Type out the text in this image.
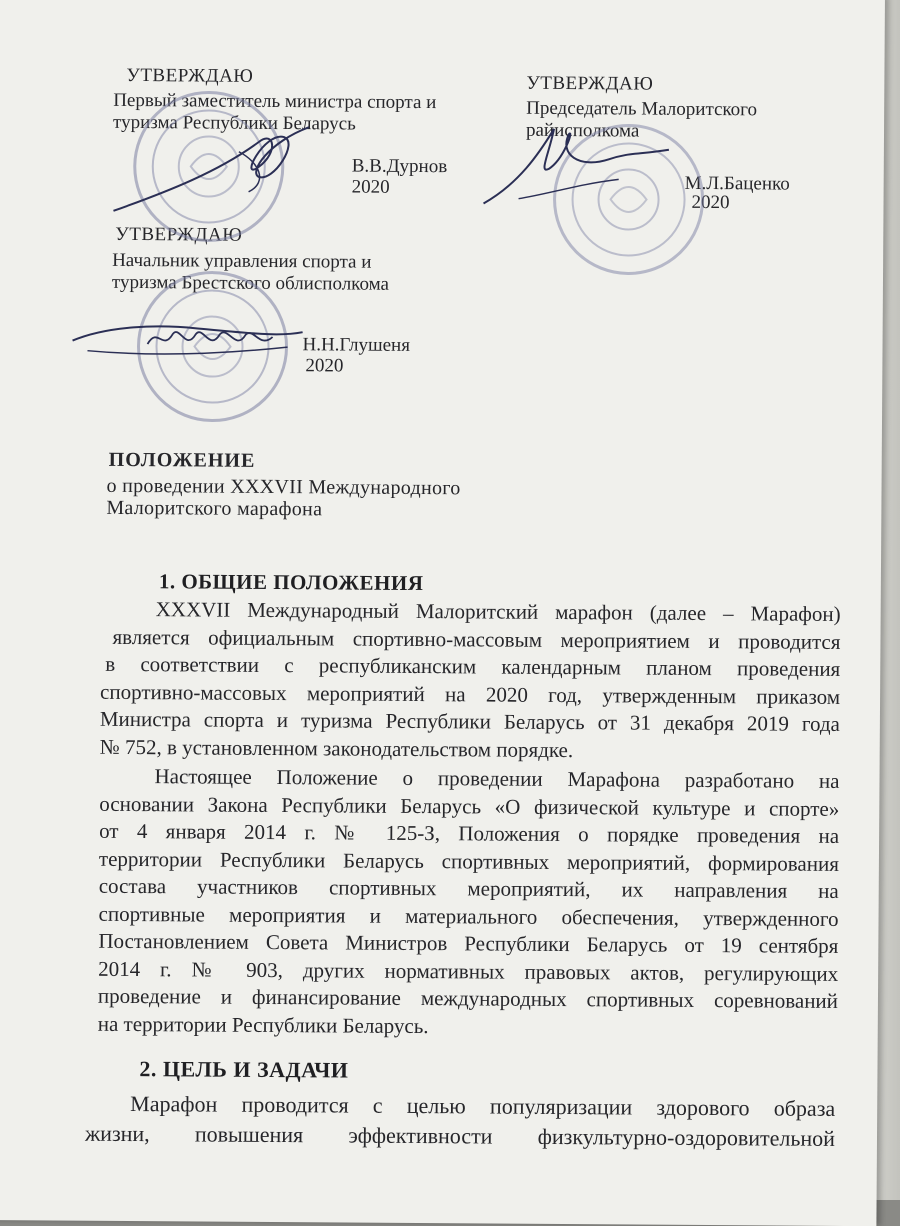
УТВЕРЖДАЮ
Первый заместитель министра спорта и
туризма Республики Беларусь
В.В.Дурнов
2020
УТВЕРЖДАЮ
Председатель Малоритского
райисполкома
М.Л.Баценко
2020
УТВЕРЖДАЮ
Начальник управления спорта и
туризма Брестского облисполкома
Н.Н.Глушеня
2020
ПОЛОЖЕНИЕ
о проведении XXXVII Международного
Малоритского марафона
1. ОБЩИЕ ПОЛОЖЕНИЯ
XXXVII Международный Малоритский марафон (далее – Марафон)
является официальным спортивно-массовым мероприятием и проводится
в соответствии с республиканским календарным планом проведения
спортивно-массовых мероприятий на 2020 год, утвержденным приказом
Министра спорта и туризма Республики Беларусь от 31 декабря 2019 года
№ 752, в установленном законодательством порядке.
Настоящее Положение о проведении Марафона разработано на
основании Закона Республики Беларусь «О физической культуре и спорте»
от 4 января 2014 г. № 125-З, Положения о порядке проведения на
территории Республики Беларусь спортивных мероприятий, формирования
состава участников спортивных мероприятий, их направления на
спортивные мероприятия и материального обеспечения, утвержденного
Постановлением Совета Министров Республики Беларусь от 19 сентября
2014 г. № 903, других нормативных правовых актов, регулирующих
проведение и финансирование международных спортивных соревнований
на территории Республики Беларусь.
2. ЦЕЛЬ И ЗАДАЧИ
Марафон проводится с целью популяризации здорового образа
жизни, повышения эффективности физкультурно-оздоровительной
